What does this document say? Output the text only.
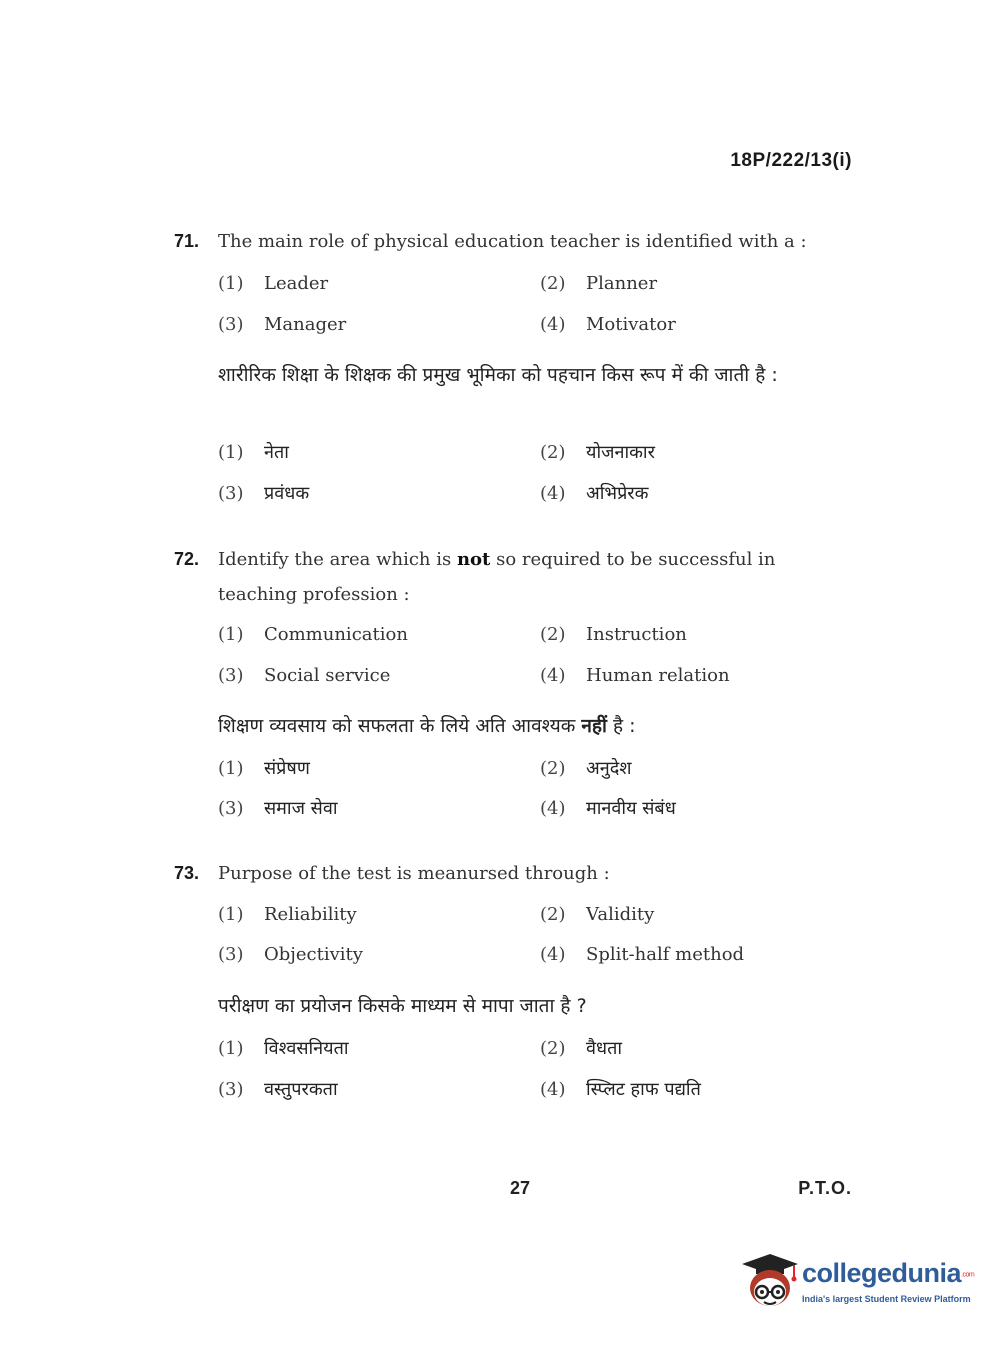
18P/222/13(i)
71. The main role of physical education teacher is identified with a :
(1) Leader	(2) Planner
(3) Manager	(4) Motivator
शारीरिक शिक्षा के शिक्षक की प्रमुख भूमिका को पहचान किस रूप में की जाती है :
(1) नेता	(2) योजनाकार
(3) प्रवंधक	(4) अभिप्रेरक
72. Identify the area which is not so required to be successful in teaching profession :
(1) Communication	(2) Instruction
(3) Social service	(4) Human relation
शिक्षण व्यवसाय को सफलता के लिये अति आवश्यक नहीं है :
(1) संप्रेषण	(2) अनुदेश
(3) समाज सेवा	(4) मानवीय संबंध
73. Purpose of the test is meanursed through :
(1) Reliability	(2) Validity
(3) Objectivity	(4) Split-half method
परीक्षण का प्रयोजन किसके माध्यम से मापा जाता है ?
(1) विश्वसनियता	(2) वैधता
(3) वस्तुपरकता	(4) स्प्लिट हाफ पद्यति
27	P.T.O.
collegedunia.com
India's largest Student Review Platform
